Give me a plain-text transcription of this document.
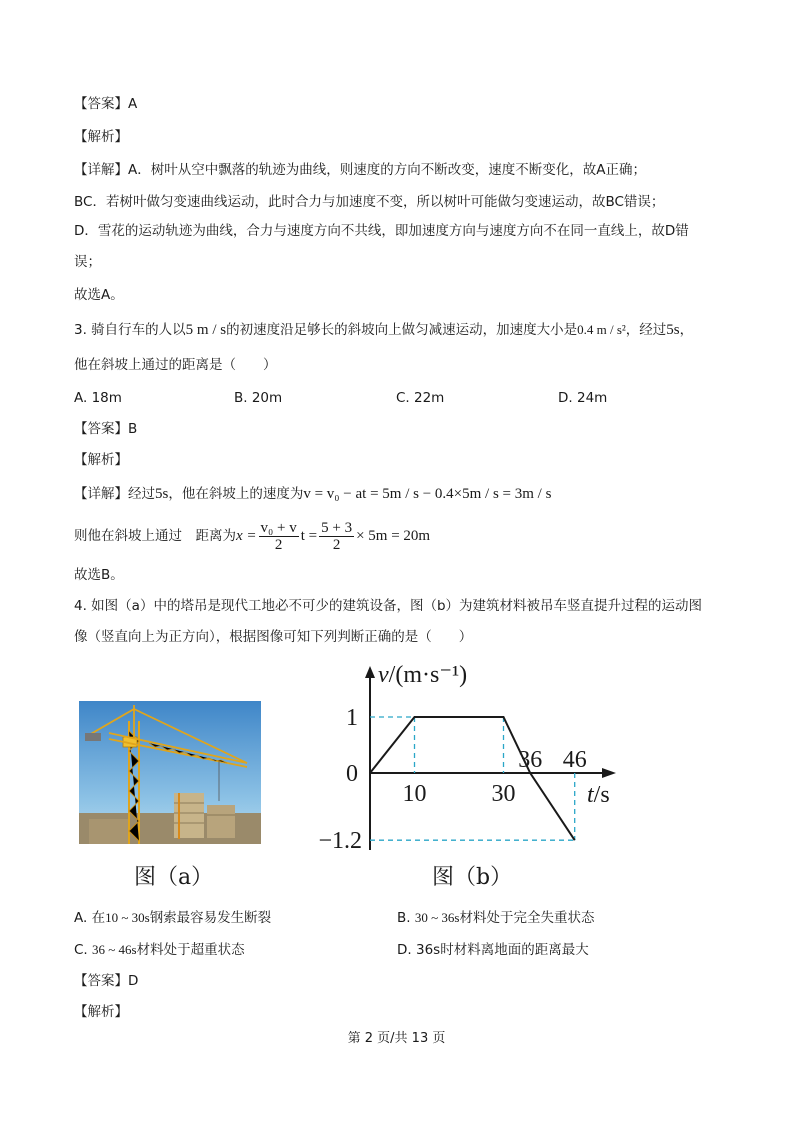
【答案】A
【解析】
【详解】A．树叶从空中飘落的轨迹为曲线，则速度的方向不断改变，速度不断变化，故A正确；
BC．若树叶做匀变速曲线运动，此时合力与加速度不变，所以树叶可能做匀变速运动，故BC错误；
D．雪花的运动轨迹为曲线，合力与速度方向不共线，即加速度方向与速度方向不在同一直线上，故D错
误；
故选A。
3. 骑自行车的人以5 m / s的初速度沿足够长的斜坡向上做匀减速运动，加速度大小是0.4 m / s²，经过5s，
他在斜坡上通过的距离是（　　）
A. 18m	B. 20m	C. 22m	D. 24m
【答案】B
【解析】
【详解】经过5s，他在斜坡上的速度为v = v₀ − at = 5m / s − 0.4×5m / s = 3m / s
则他在斜坡上通过　距离为$x = \frac{\text{v₀ + v}}{2}$ $t = \frac{5 + 3}{2} \times 5m = 20m$
故选B。
4. 如图（a）中的塔吊是现代工地必不可少的建筑设备，图（b）为建筑材料被吊车竖直提升过程的运动图
像（竖直向上为正方向），根据图像可知下列判断正确的是（　　）
图（a）
v/(m·s⁻¹)
t/s
1
0
−1.2
10	30
36 46
图（b）
A. 在10 ~ 30s钢索最容易发生断裂	B. 30 ~ 36s材料处于完全失重状态
C. 36 ~ 46s材料处于超重状态	D. 36s时材料离地面的距离最大
【答案】D
【解析】
第 2 页/共 13 页
